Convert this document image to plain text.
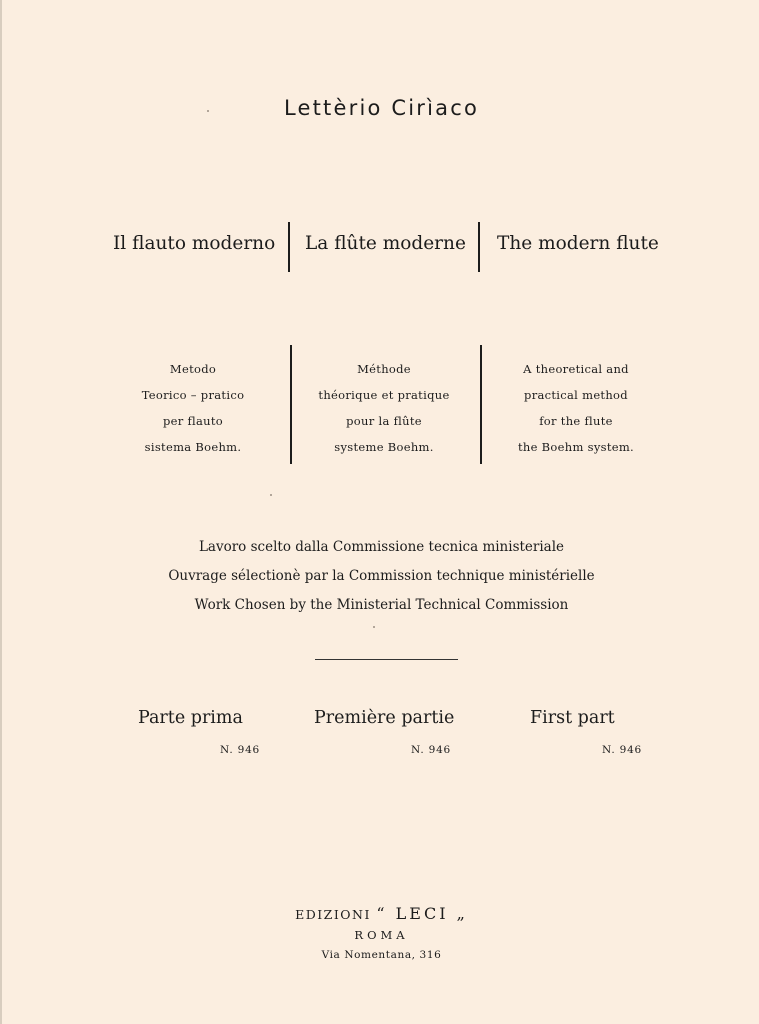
Lettèrio Cirìaco
Il flauto moderno La flûte moderne The modern flute
Metodo
Teorico – pratico
per flauto
sistema Boehm.
Méthode
théorique et pratique
pour la flûte
systeme Boehm.
A theoretical and
practical method
for the flute
the Boehm system.
Lavoro scelto dalla Commissione tecnica ministeriale
Ouvrage sélectionè par la Commission technique ministérielle
Work Chosen by the Ministerial Technical Commission
Parte prima
N. 946
Première partie
N. 946
First part
N. 946
EDIZIONI “ LECI „
ROMA
Via Nomentana, 316
